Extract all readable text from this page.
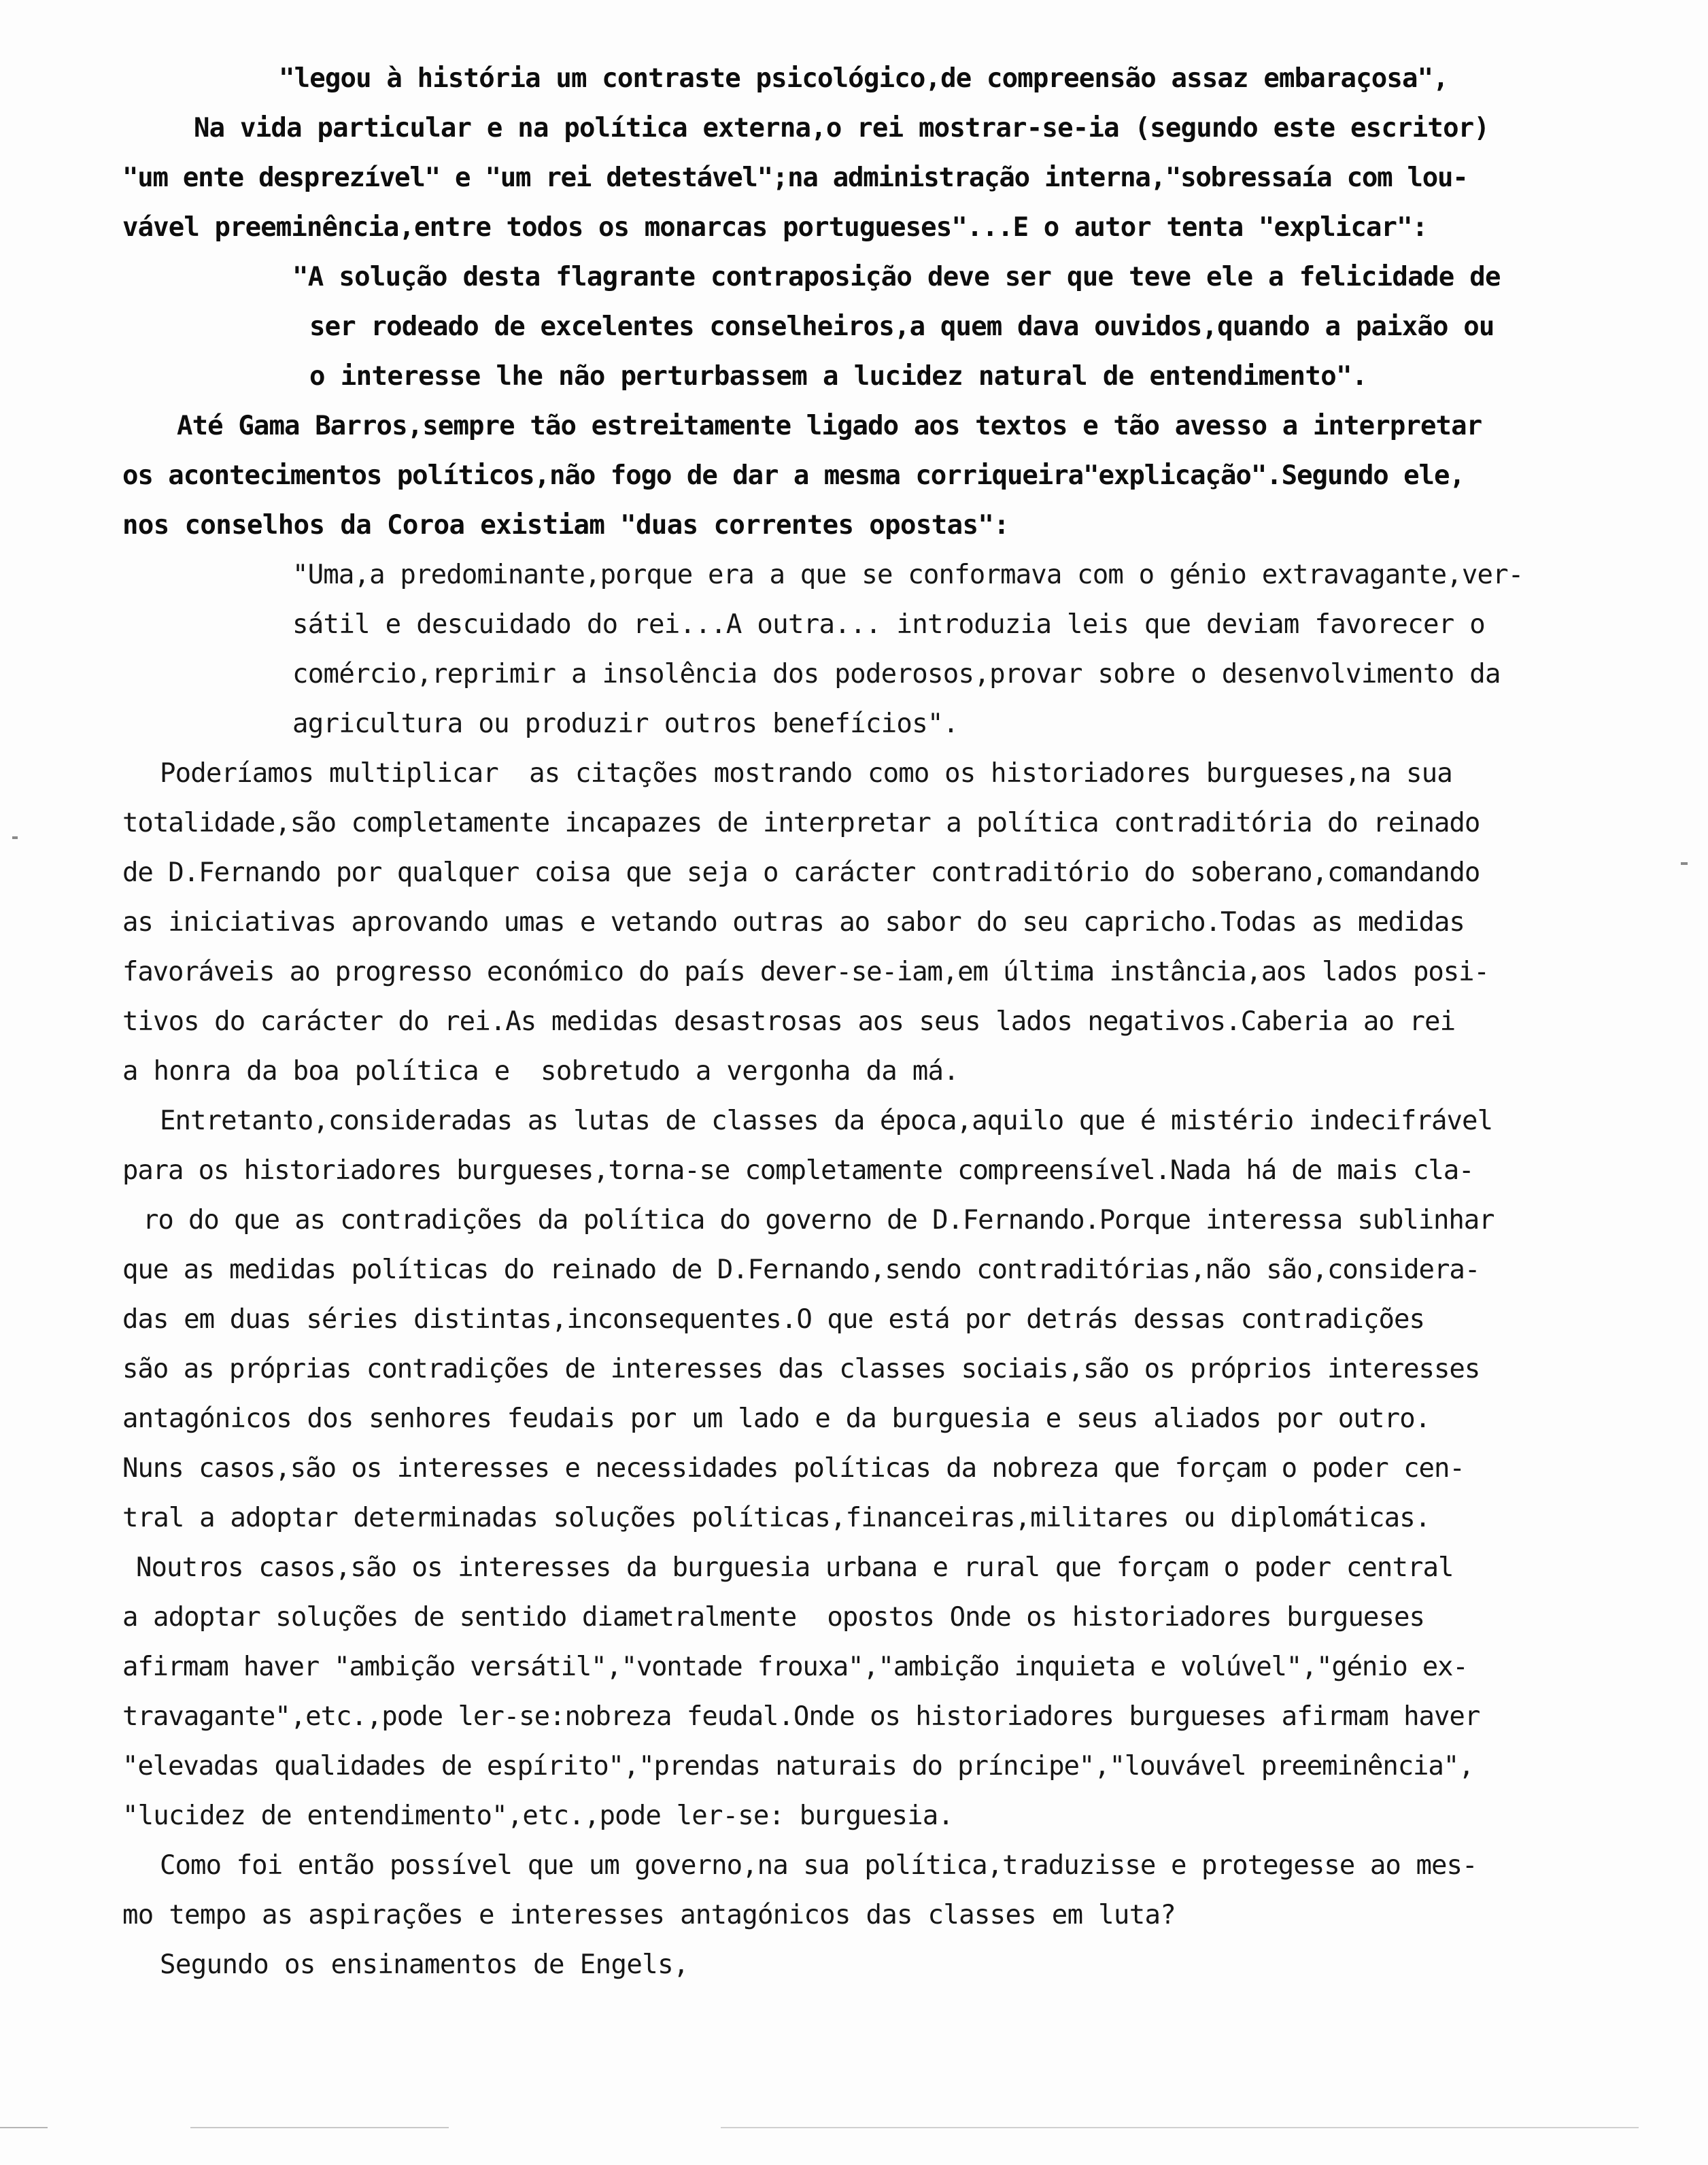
"legou à história um contraste psicológico,de compreensão assaz embaraçosa",
Na vida particular e na política externa,o rei mostrar-se-ia (segundo este escritor)
"um ente desprezível" e "um rei detestável";na administração interna,"sobressaía com lou-
vável preeminência,entre todos os monarcas portugueses"...E o autor tenta "explicar":
"A solução desta flagrante contraposição deve ser que teve ele a felicidade de
ser rodeado de excelentes conselheiros,a quem dava ouvidos,quando a paixão ou
o interesse lhe não perturbassem a lucidez natural de entendimento".
Até Gama Barros,sempre tão estreitamente ligado aos textos e tão avesso a interpretar
os acontecimentos políticos,não fogo de dar a mesma corriqueira"explicação".Segundo ele,
nos conselhos da Coroa existiam "duas correntes opostas":
"Uma,a predominante,porque era a que se conformava com o génio extravagante,ver-
sátil e descuidado do rei...A outra... introduzia leis que deviam favorecer o
comércio,reprimir a insolência dos poderosos,provar sobre o desenvolvimento da
agricultura ou produzir outros benefícios".
Poderíamos multiplicar  as citações mostrando como os historiadores burgueses,na sua
totalidade,são completamente incapazes de interpretar a política contraditória do reinado
de D.Fernando por qualquer coisa que seja o carácter contraditório do soberano,comandando
as iniciativas aprovando umas e vetando outras ao sabor do seu capricho.Todas as medidas
favoráveis ao progresso económico do país dever-se-iam,em última instância,aos lados posi-
tivos do carácter do rei.As medidas desastrosas aos seus lados negativos.Caberia ao rei
a honra da boa política e  sobretudo a vergonha da má.
Entretanto,consideradas as lutas de classes da época,aquilo que é mistério indecifrável
para os historiadores burgueses,torna-se completamente compreensível.Nada há de mais cla-
ro do que as contradições da política do governo de D.Fernando.Porque interessa sublinhar
que as medidas políticas do reinado de D.Fernando,sendo contraditórias,não são,considera-
das em duas séries distintas,inconsequentes.O que está por detrás dessas contradições
são as próprias contradições de interesses das classes sociais,são os próprios interesses
antagónicos dos senhores feudais por um lado e da burguesia e seus aliados por outro.
Nuns casos,são os interesses e necessidades políticas da nobreza que forçam o poder cen-
tral a adoptar determinadas soluções políticas,financeiras,militares ou diplomáticas.
Noutros casos,são os interesses da burguesia urbana e rural que forçam o poder central
a adoptar soluções de sentido diametralmente  opostos Onde os historiadores burgueses
afirmam haver "ambição versátil","vontade frouxa","ambição inquieta e volúvel","génio ex-
travagante",etc.,pode ler-se:nobreza feudal.Onde os historiadores burgueses afirmam haver
"elevadas qualidades de espírito","prendas naturais do príncipe","louvável preeminência",
"lucidez de entendimento",etc.,pode ler-se: burguesia.
Como foi então possível que um governo,na sua política,traduzisse e protegesse ao mes-
mo tempo as aspirações e interesses antagónicos das classes em luta?
Segundo os ensinamentos de Engels,
